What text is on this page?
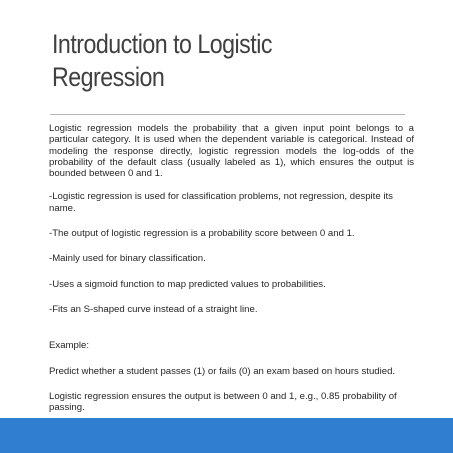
Introduction to Logistic Regression

Logistic regression models the probability that a given input point belongs to a particular category. It is used when the dependent variable is categorical. Instead of modeling the response directly, logistic regression models the log-odds of the probability of the default class (usually labeled as 1), which ensures the output is bounded between 0 and 1.

-Logistic regression is used for classification problems, not regression, despite its name.

-The output of logistic regression is a probability score between 0 and 1.

-Mainly used for binary classification.

-Uses a sigmoid function to map predicted values to probabilities.

-Fits an S-shaped curve instead of a straight line.

Example:

Predict whether a student passes (1) or fails (0) an exam based on hours studied.

Logistic regression ensures the output is between 0 and 1, e.g., 0.85 probability of passing.
